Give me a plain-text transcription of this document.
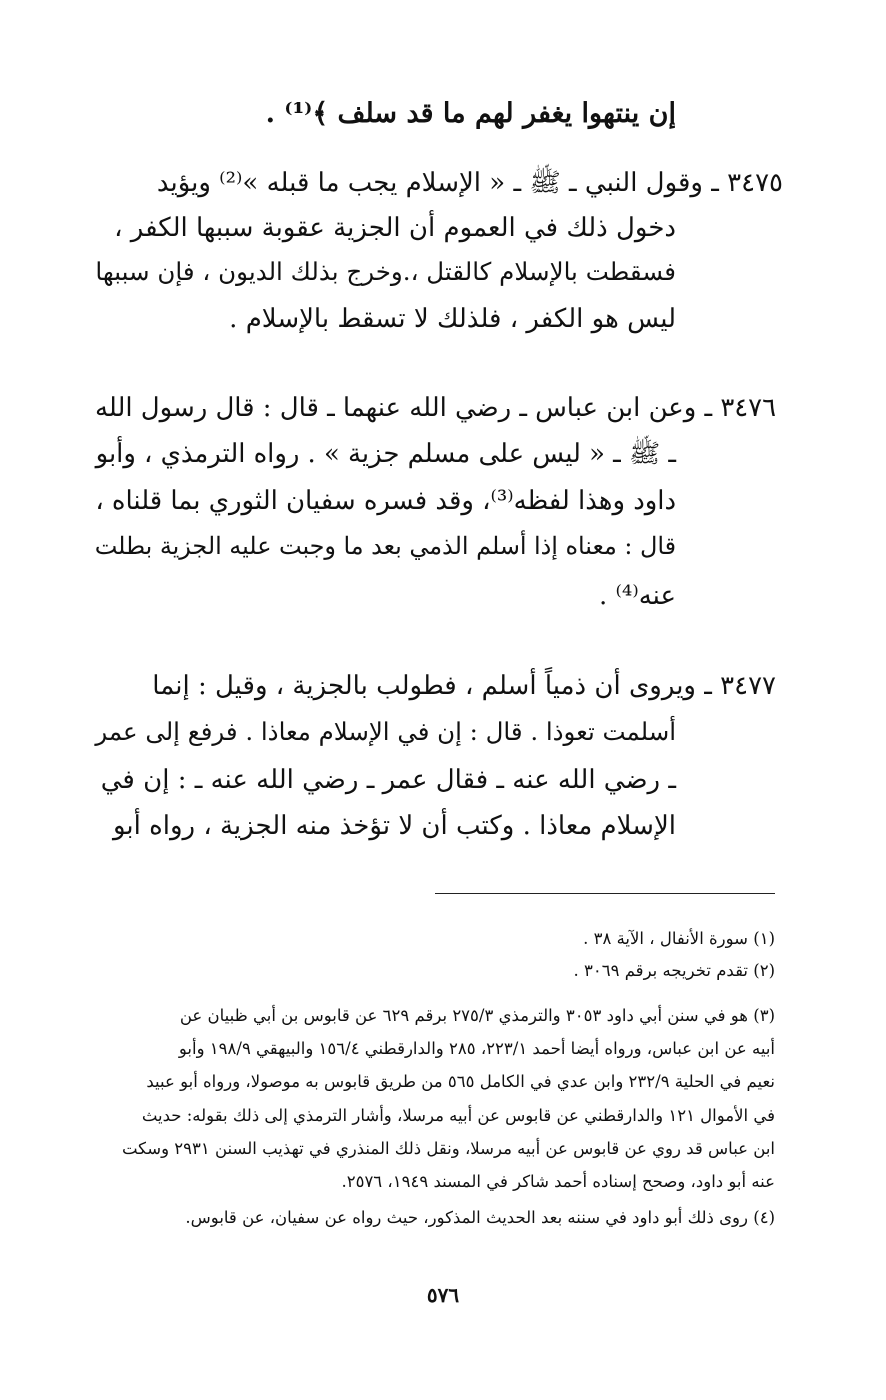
إن ينتهوا يغفر لهم ما قد سلف ﴾⁽¹⁾ .
٣٤٧٥ ـ وقول النبي ـ ﷺ ـ « الإسلام يجب ما قبله »⁽²⁾ ويؤيد
دخول ذلك في العموم أن الجزية عقوبة سببها الكفر ،
فسقطت بالإسلام كالقتل ،.وخرج بذلك الديون ، فإن سببها
ليس هو الكفر ، فلذلك لا تسقط بالإسلام .
٣٤٧٦ ـ وعن ابن عباس ـ رضي الله عنهما ـ قال : قال رسول الله
ـ ﷺ ـ « ليس على مسلم جزية » . رواه الترمذي ، وأبو
داود وهذا لفظه⁽³⁾، وقد فسره سفيان الثوري بما قلناه ،
قال : معناه إذا أسلم الذمي بعد ما وجبت عليه الجزية بطلت
عنه⁽⁴⁾ .
٣٤٧٧ ـ ويروى أن ذمياً أسلم ، فطولب بالجزية ، وقيل : إنما
أسلمت تعوذا . قال : إن في الإسلام معاذا . فرفع إلى عمر
ـ رضي الله عنه ـ فقال عمر ـ رضي الله عنه ـ : إن في
الإسلام معاذا . وكتب أن لا تؤخذ منه الجزية ، رواه أبو
(١) سورة الأنفال ، الآية ٣٨ .
(٢) تقدم تخريجه برقم ٣٠٦٩ .
(٣) هو في سنن أبي داود ٣٠٥٣ والترمذي ٢٧٥/٣ برقم ٦٢٩ عن قابوس بن أبي ظبيان عن
أبيه عن ابن عباس، ورواه أيضا أحمد ٢٢٣/١، ٢٨٥ والدارقطني ١٥٦/٤ والبيهقي ١٩٨/٩ وأبو
نعيم في الحلية ٢٣٢/٩ وابن عدي في الكامل ٥٦٥ من طريق قابوس به موصولا، ورواه أبو عبيد
في الأموال ١٢١ والدارقطني عن قابوس عن أبيه مرسلا، وأشار الترمذي إلى ذلك بقوله: حديث
ابن عباس قد روي عن قابوس عن أبيه مرسلا، ونقل ذلك المنذري في تهذيب السنن ٢٩٣١ وسكت
عنه أبو داود، وصحح إسناده أحمد شاكر في المسند ١٩٤٩، ٢٥٧٦.
(٤) روى ذلك أبو داود في سننه بعد الحديث المذكور، حيث رواه عن سفيان، عن قابوس.
٥٧٦
